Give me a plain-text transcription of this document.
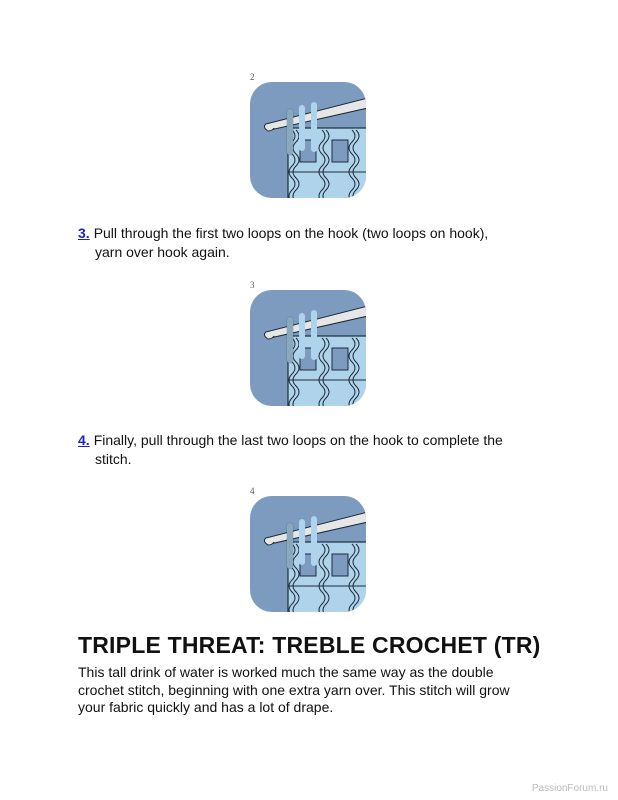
2
3. Pull through the first two loops on the hook (two loops on hook),
yarn over hook again.
3
4. Finally, pull through the last two loops on the hook to complete the
stitch.
4
TRIPLE THREAT: TREBLE CROCHET (TR)

This tall drink of water is worked much the same way as the double
crochet stitch, beginning with one extra yarn over. This stitch will grow
your fabric quickly and has a lot of drape.

PassionForum.ru
